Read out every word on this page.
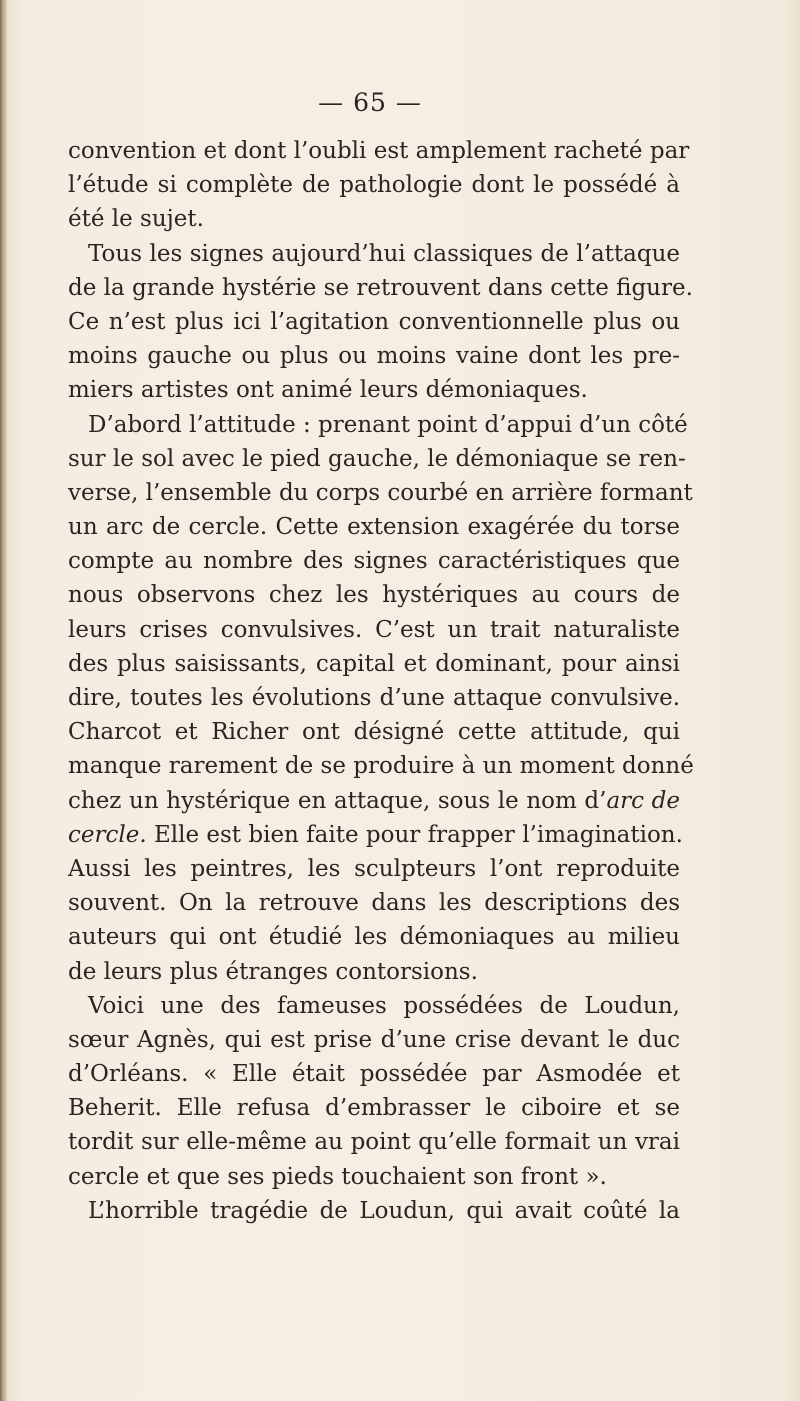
— 65 —
convention et dont l’oubli est amplement racheté par
l’étude si complète de pathologie dont le possédé à
été le sujet.
Tous les signes aujourd’hui classiques de l’attaque
de la grande hystérie se retrouvent dans cette figure.
Ce n’est plus ici l’agitation conventionnelle plus ou
moins gauche ou plus ou moins vaine dont les pre-
miers artistes ont animé leurs démoniaques.
D’abord l’attitude : prenant point d’appui d’un côté
sur le sol avec le pied gauche, le démoniaque se ren-
verse, l’ensemble du corps courbé en arrière formant
un arc de cercle. Cette extension exagérée du torse
compte au nombre des signes caractéristiques que
nous observons chez les hystériques au cours de
leurs crises convulsives. C’est un trait naturaliste
des plus saisissants, capital et dominant, pour ainsi
dire, toutes les évolutions d’une attaque convulsive.
Charcot et Richer ont désigné cette attitude, qui
manque rarement de se produire à un moment donné
chez un hystérique en attaque, sous le nom d’arc de
cercle. Elle est bien faite pour frapper l’imagination.
Aussi les peintres, les sculpteurs l’ont reproduite
souvent. On la retrouve dans les descriptions des
auteurs qui ont étudié les démoniaques au milieu
de leurs plus étranges contorsions.
Voici une des fameuses possédées de Loudun,
sœur Agnès, qui est prise d’une crise devant le duc
d’Orléans. « Elle était possédée par Asmodée et
Beherit. Elle refusa d’embrasser le ciboire et se
tordit sur elle-même au point qu’elle formait un vrai
cercle et que ses pieds touchaient son front ».
L’horrible tragédie de Loudun, qui avait coûté la
